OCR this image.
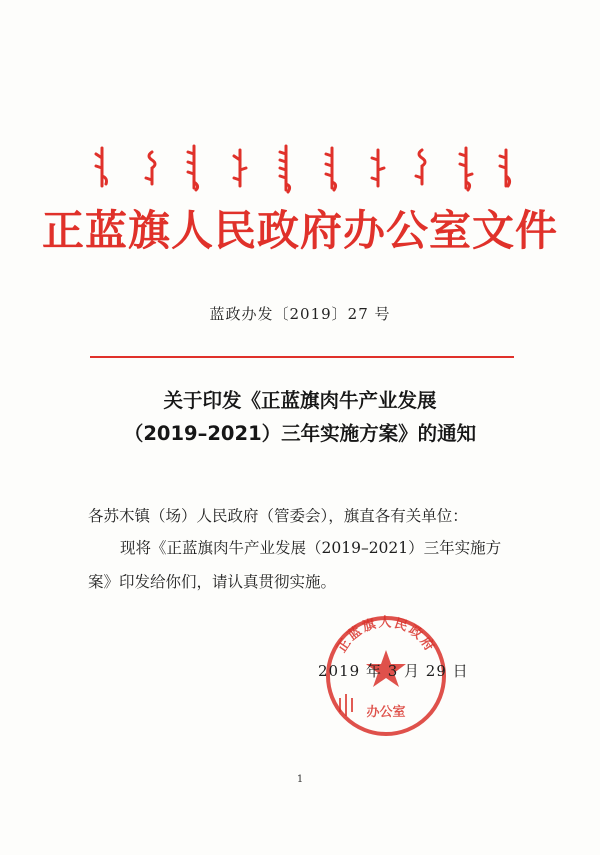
正蓝旗人民政府办公室文件
蓝政办发〔2019〕27 号
关于印发《正蓝旗肉牛产业发展
（2019–2021）三年实施方案》的通知
各苏木镇（场）人民政府（管委会），旗直各有关单位：
现将《正蓝旗肉牛产业发展（2019–2021）三年实施方
案》印发给你们，请认真贯彻实施。
正蓝旗人民政府
办公室
2019 年 3 月 29 日
1
